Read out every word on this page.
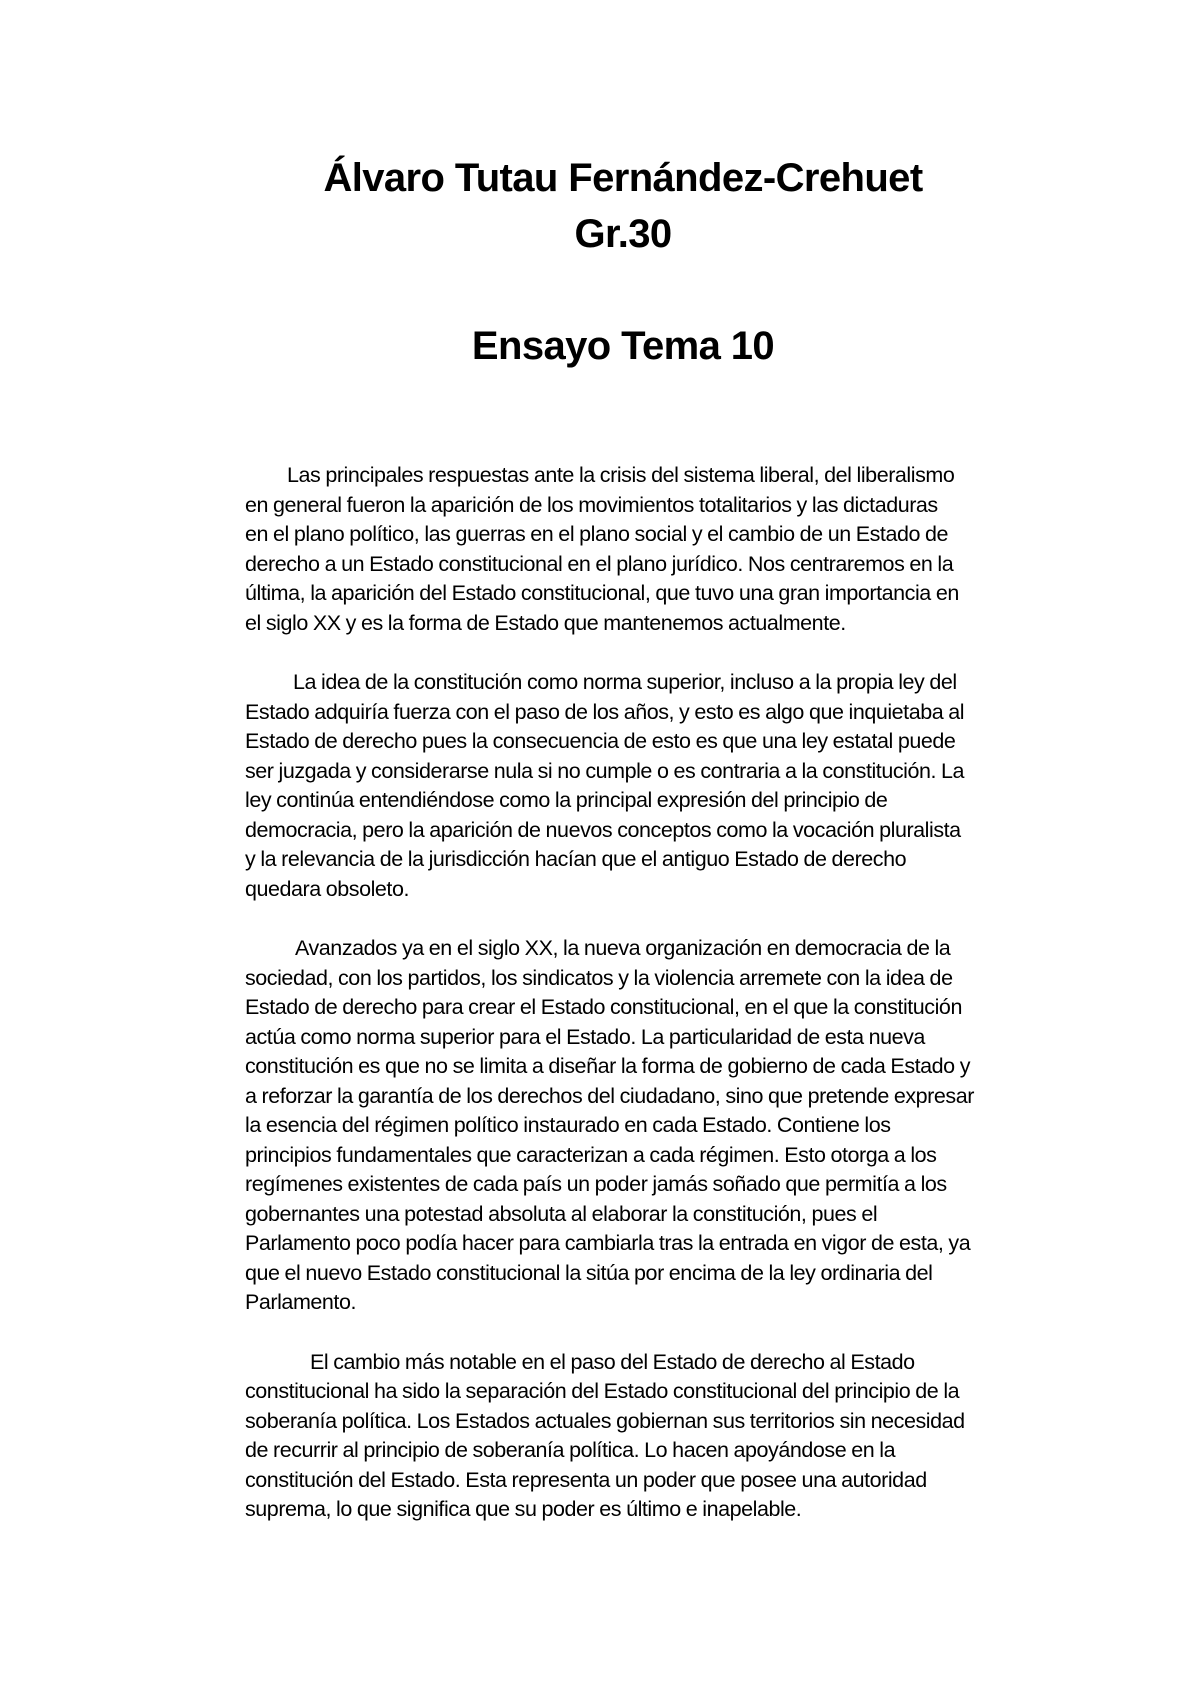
Álvaro Tutau Fernández-Crehuet
Gr.30
Ensayo Tema 10

Las principales respuestas ante la crisis del sistema liberal, del liberalismo
en general fueron la aparición de los movimientos totalitarios y las dictaduras
en el plano político, las guerras en el plano social y el cambio de un Estado de
derecho a un Estado constitucional en el plano jurídico. Nos centraremos en la
última, la aparición del Estado constitucional, que tuvo una gran importancia en
el siglo XX y es la forma de Estado que mantenemos actualmente.

La idea de la constitución como norma superior, incluso a la propia ley del
Estado adquiría fuerza con el paso de los años, y esto es algo que inquietaba al
Estado de derecho pues la consecuencia de esto es que una ley estatal puede
ser juzgada y considerarse nula si no cumple o es contraria a la constitución. La
ley continúa entendiéndose como la principal expresión del principio de
democracia, pero la aparición de nuevos conceptos como la vocación pluralista
y la relevancia de la jurisdicción hacían que el antiguo Estado de derecho
quedara obsoleto.

Avanzados ya en el siglo XX, la nueva organización en democracia de la
sociedad, con los partidos, los sindicatos y la violencia arremete con la idea de
Estado de derecho para crear el Estado constitucional, en el que la constitución
actúa como norma superior para el Estado. La particularidad de esta nueva
constitución es que no se limita a diseñar la forma de gobierno de cada Estado y
a reforzar la garantía de los derechos del ciudadano, sino que pretende expresar
la esencia del régimen político instaurado en cada Estado. Contiene los
principios fundamentales que caracterizan a cada régimen. Esto otorga a los
regímenes existentes de cada país un poder jamás soñado que permitía a los
gobernantes una potestad absoluta al elaborar la constitución, pues el
Parlamento poco podía hacer para cambiarla tras la entrada en vigor de esta, ya
que el nuevo Estado constitucional la sitúa por encima de la ley ordinaria del
Parlamento.

El cambio más notable en el paso del Estado de derecho al Estado
constitucional ha sido la separación del Estado constitucional del principio de la
soberanía política. Los Estados actuales gobiernan sus territorios sin necesidad
de recurrir al principio de soberanía política. Lo hacen apoyándose en la
constitución del Estado. Esta representa un poder que posee una autoridad
suprema, lo que significa que su poder es último e inapelable.
